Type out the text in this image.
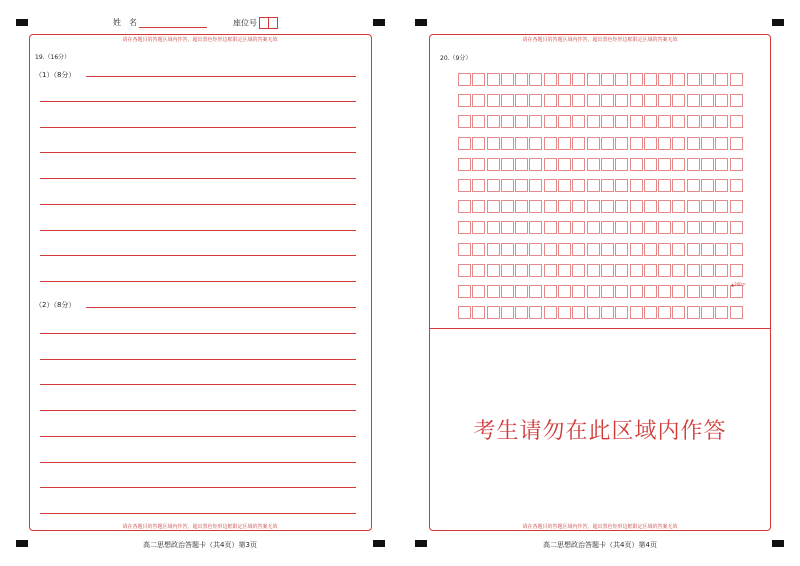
姓　名	座位号
请在各题目的答题区域内作答，超出黑色矩形边框限定区域的答案无效
请在各题目的答题区域内作答，超出黑色矩形边框限定区域的答案无效
19.（16分）
（1）（8分）
（2）（8分）
高二思想政治答题卡（共4页）第3页
请在各题目的答题区域内作答，超出黑色矩形边框限定区域的答案无效
请在各题目的答题区域内作答，超出黑色矩形边框限定区域的答案无效
20.（9分）
▲200字
考生请勿在此区域内作答
高二思想政治答题卡（共4页）第4页
